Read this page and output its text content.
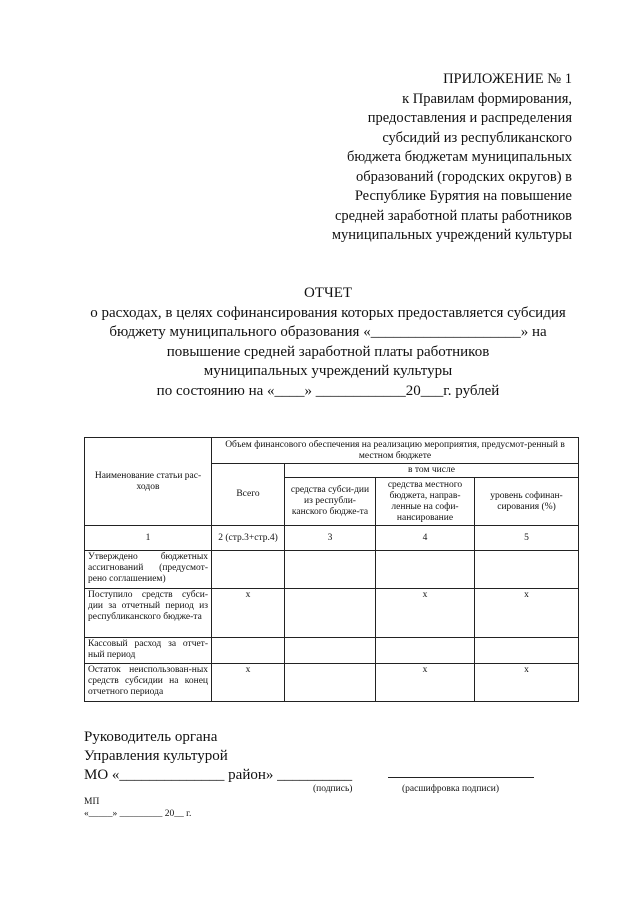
ПРИЛОЖЕНИЕ № 1
к Правилам формирования,
предоставления и распределения
субсидий из республиканского
бюджета бюджетам муниципальных
образований (городских округов) в
Республике Бурятия на повышение
средней заработной платы работников
муниципальных учреждений культуры
ОТЧЕТ
о расходах, в целях софинансирования которых предоставляется субсидия
бюджету муниципального образования «____________________» на
повышение средней заработной платы работников
муниципальных учреждений культуры
по состоянию на «____» ____________20___г. рублей
Наименование статьи рас-ходов	Объем финансового обеспечения на реализацию мероприятия, предусмот-ренный в местном бюджете			
	Всего	в том числе		
		средства субси-дии из республи-канского бюдже-та	средства местного бюджета, направ-ленные на софи-нансирование	уровень софинан-сирования (%)
1	2 (стр.3+стр.4)	3	4	5
Утверждено бюджетных ассигнований (предусмот-рено соглашением)				
Поступило средств субси-дии за отчетный период из республиканского бюдже-та	х		х	х
Кассовый расход за отчет-ный период				
Остаток неиспользован-ных средств субсидии на конец отчетного периода	х		х	х
Руководитель органа
Управления культурой
МО «______________ район» __________
(подпись)	(расшифровка подписи)
МП
«_____» _________ 20__ г.
